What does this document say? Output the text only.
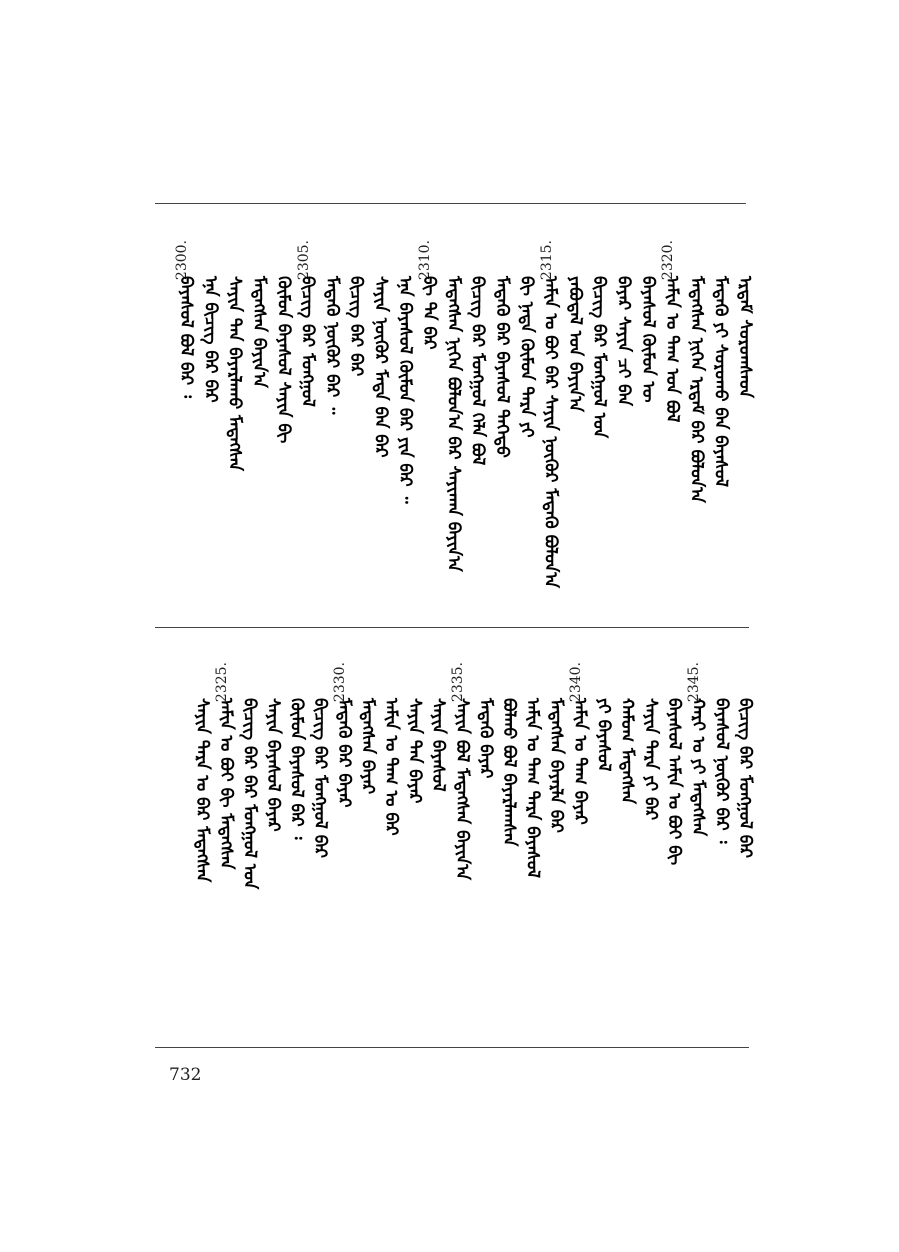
ᠡᠷᠳᠡᠮ ᠰᠤᠷᠤᠭᠰᠠᠳ
ᠮᠡᠳᠡᠬᠦ ᠶᠢ ᠰᠤᠷᠤᠬᠤ ᠪᠠᠨ ᠪᠠᠶᠠᠰᠤᠯ
ᠮᠡᠳᠡᠭᠰᠡᠨ ᠨᠢᠭᠡᠨ ᠡᠷᠳᠡᠮ ᠪᠡᠷ ᠪᠤᠯᠤᠨ᠎ᠠ
2320.
ᠠᠮᠢᠨ ᠤ ᠲᠠᠭ ᠤᠨ ᠪᠤᠯ
ᠪᠠᠶᠠᠰᠤᠯ ᠬᠦᠮᠦᠨ ᠦ
ᠪᠠᠶᠠᠷ ᠰᠠᠶᠢᠨ ᠴᠢ ᠪᠠᠨ
ᠪᠢᠴᠢᠭ ᠪᠡᠷ ᠮᠤᠩᠭᠤᠯ ᠤᠨ
ᠶᠠᠪᠤᠳᠠᠯ ᠤᠨ ᠪᠠᠶᠢᠨ᠎ᠠ
2315.
ᠠᠮᠢᠨ ᠤ ᠪᠤᠢ ᠪᠡᠷ ᠰᠠᠶᠢᠨ ᠨᠥᠬᠦᠷ ᠮᠡᠳᠡᠬᠦ ᠪᠤᠯᠤᠨ᠎ᠠ
ᠪᠢ ᠨᠠᠳᠠ ᠬᠦᠮᠦᠨ ᠲᠡᠷᠡ ᠶᠢ
ᠮᠡᠳᠡᠬᠦ ᠪᠡᠷ ᠪᠠᠶᠠᠰᠤᠯ ᠳᠡᠭᠡᠳᠦ
ᠪᠢᠴᠢᠭ ᠪᠡᠷ ᠮᠤᠩᠭᠤᠯ ᠬᠡᠯᠡ ᠪᠤᠯ
ᠮᠡᠳᠡᠭᠰᠡᠨ ᠨᠢᠭᠡᠨ ᠪᠤᠯᠤᠨ᠎ᠠ ᠪᠡᠷ ᠰᠠᠶᠢᠬᠠᠨ ᠪᠠᠶᠢᠨ᠎ᠠ
2310.
ᠪᠢ ᠲᠠ ᠪᠡᠷ
ᠡᠨᠡ ᠪᠠᠶᠠᠰᠤᠯ ᠬᠦᠮᠦᠨ ᠪᠡᠷ ᠶᠢᠨ ᠪᠡᠷ ᠃
ᠰᠠᠶᠢᠨ ᠨᠥᠬᠦᠷ ᠮᠡᠳᠡ ᠪᠠᠨ ᠪᠡᠷ
ᠪᠢᠴᠢᠭ ᠪᠡᠷ ᠪᠡᠷ
ᠮᠡᠳᠡᠬᠦ ᠨᠥᠬᠦᠷ ᠪᠡᠷ ᠃
2305.
ᠪᠢᠴᠢᠭ ᠪᠡᠷ ᠮᠤᠩᠭᠤᠯ
ᠬᠦᠮᠦᠨ ᠪᠠᠶᠠᠰᠤᠯ ᠰᠠᠶᠢᠨ ᠪᠢ
ᠮᠡᠳᠡᠭᠰᠡᠨ ᠪᠠᠶᠢᠨ᠎ᠠ
ᠰᠠᠶᠢᠨ ᠲᠠᠨ ᠪᠠᠶᠠᠷᠯᠠᠬᠤ ᠮᠡᠳᠡᠭᠰᠡᠨ
ᠡᠨᠡ ᠪᠢᠴᠢᠭ ᠪᠡᠷ ᠪᠡᠷ
2300.
ᠪᠠᠶᠠᠰᠤᠯ ᠪᠤᠯ ᠪᠡᠷ ᠄
ᠪᠢᠴᠢᠭ ᠪᠡᠷ ᠮᠤᠩᠭᠤᠯ ᠪᠡᠷ
ᠪᠠᠶᠠᠰᠤᠯ ᠨᠥᠬᠦᠷ ᠪᠡᠷ ᠄
2345.
ᠬᠠᠷᠢ ᠤ ᠶᠢ ᠮᠡᠳᠡᠭᠰᠡᠨ
ᠪᠠᠶᠠᠰᠤᠯ ᠠᠮᠢᠨ ᠤ ᠪᠤᠢ ᠪᠢ
ᠰᠠᠶᠢᠨ ᠲᠡᠷᠡ ᠶᠢ ᠪᠡᠷ
ᠬᠠᠮᠤᠭ ᠮᠡᠳᠡᠭᠰᠡᠨ
ᠶᠢ ᠪᠠᠶᠠᠰᠤᠯ
2340.
ᠠᠮᠢᠨ ᠤ ᠲᠠᠭ ᠪᠠᠶᠠᠷ
ᠮᠡᠳᠡᠭᠰᠡᠨ ᠪᠠᠶᠠᠷᠯᠠ ᠪᠡᠷ
ᠠᠮᠢᠨ ᠤ ᠲᠠᠭ ᠲᠡᠷᠡ ᠪᠠᠶᠠᠰᠤᠯ
ᠪᠤᠯᠬᠤ ᠪᠤᠯ ᠪᠠᠶᠠᠷᠯᠠᠭᠰᠠᠨ
ᠮᠡᠳᠡᠬᠦ ᠪᠠᠶᠠᠷ
2335.
ᠰᠠᠶᠢᠨ ᠪᠤᠯ ᠮᠡᠳᠡᠭᠰᠡᠨ ᠪᠠᠶᠢᠨ᠎ᠠ
ᠰᠠᠶᠢᠨ ᠪᠠᠶᠠᠰᠤᠯ
ᠰᠠᠶᠢᠨ ᠲᠠᠨ ᠪᠠᠶᠠᠷ
ᠠᠮᠢᠨ ᠤ ᠲᠠᠭ ᠤ ᠪᠡᠷ
ᠮᠡᠳᠡᠭᠰᠡᠨ ᠪᠠᠶᠠᠷ
2330.
ᠮᠡᠳᠡᠬᠦ ᠪᠡᠷ ᠪᠠᠶᠠᠷ
ᠪᠢᠴᠢᠭ ᠪᠡᠷ ᠮᠤᠩᠭᠤᠯ ᠪᠡᠷ
ᠬᠦᠮᠦᠨ ᠪᠠᠶᠠᠰᠤᠯ ᠪᠡᠷ ᠄
ᠰᠠᠶᠢᠨ ᠪᠠᠶᠠᠰᠤᠯ ᠪᠠᠶᠠᠷ
ᠪᠢᠴᠢᠭ ᠪᠡᠷ ᠪᠡᠷ ᠮᠤᠩᠭᠤᠯ ᠤᠨ
2325.
ᠠᠮᠢᠨ ᠤ ᠪᠤᠢ ᠪᠢ ᠮᠡᠳᠡᠭᠰᠡᠨ
ᠰᠠᠶᠢᠨ ᠲᠡᠷᠡ ᠤ ᠪᠡᠷ ᠮᠡᠳᠡᠭᠰᠡᠨ
732
